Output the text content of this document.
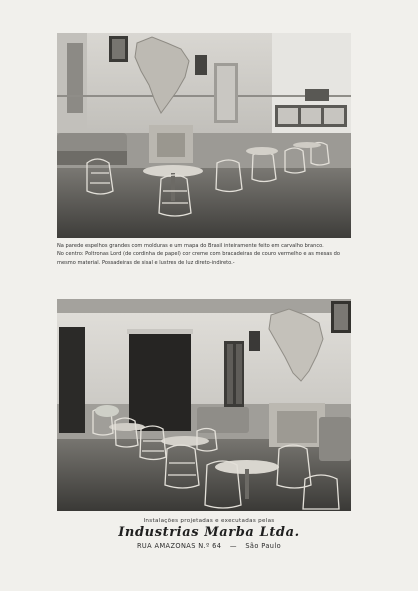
Na parede espelhos grandes com molduras e um mapa do Brasil inteiramente feito em carvalho branco.

No centro: Poltronas Lord (de cordinha de papel) cor creme com bracadeiras de couro vermelho e as mesas do

mesmo material. Possadeiras de sisal e lustres de luz direto-indireto.-

Instalações projetadas e executadas pelas
Industrias Marba Ltda.
RUA AMAZONAS N.º 64 — São Paulo
